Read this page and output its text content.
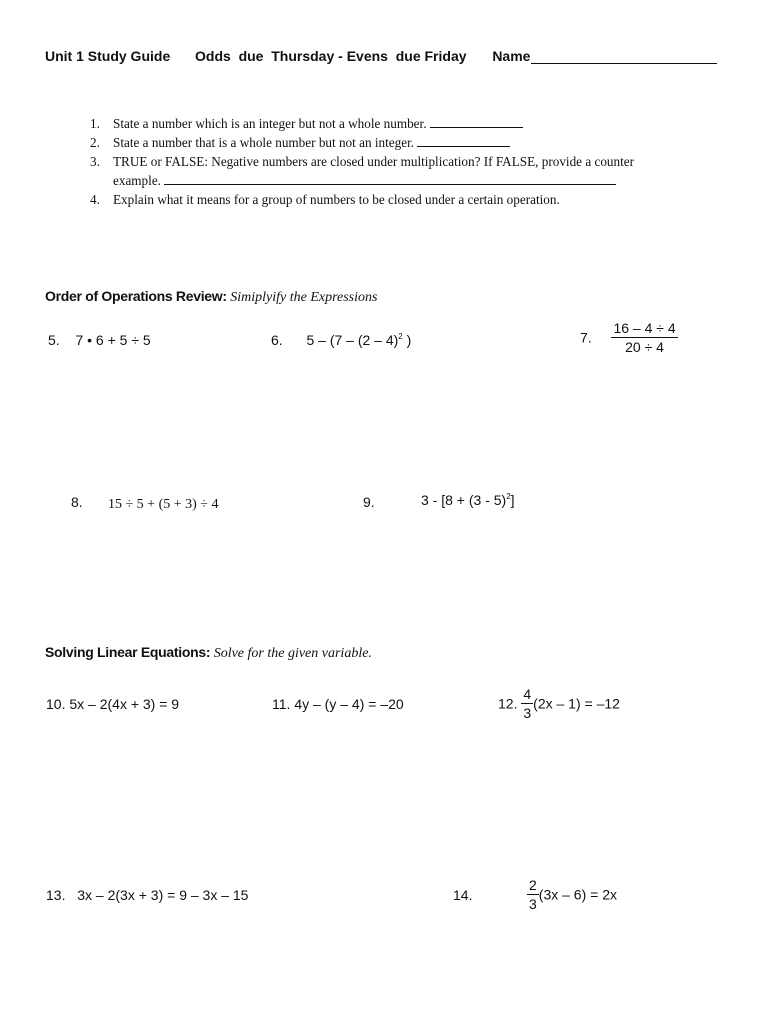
Unit 1 Study Guide Odds  due  Thursday - Evens  due Friday Name
1. State a number which is an integer but not a whole number.
2. State a number that is a whole number but not an integer.
3. TRUE or FALSE: Negative numbers are closed under multiplication? If FALSE, provide a counter
example.
4. Explain what it means for a group of numbers to be closed under a certain operation.
Order of Operations Review: Simiplyify the Expressions
5. 7 • 6 + 5 ÷ 5	6. 5 – (7 – (2 – 4)$^2$ )	7. $\frac{16 - 4 \div 4}{20 \div 4}$
8. 15 ÷ 5 + (5 + 3) ÷ 4	9.	3 - [8 + (3 - 5)$^2$]
Solving Linear Equations: Solve for the given variable.
10. 5x – 2(4x + 3) = 9	11. 4y – (y – 4) = –20	12. $\frac{4}{3} (2x - 1) = -12$
13. 3x – 2(3x + 3) = 9 – 3x – 15	14.	$\frac{2}{3} (3x - 6) = 2x$
